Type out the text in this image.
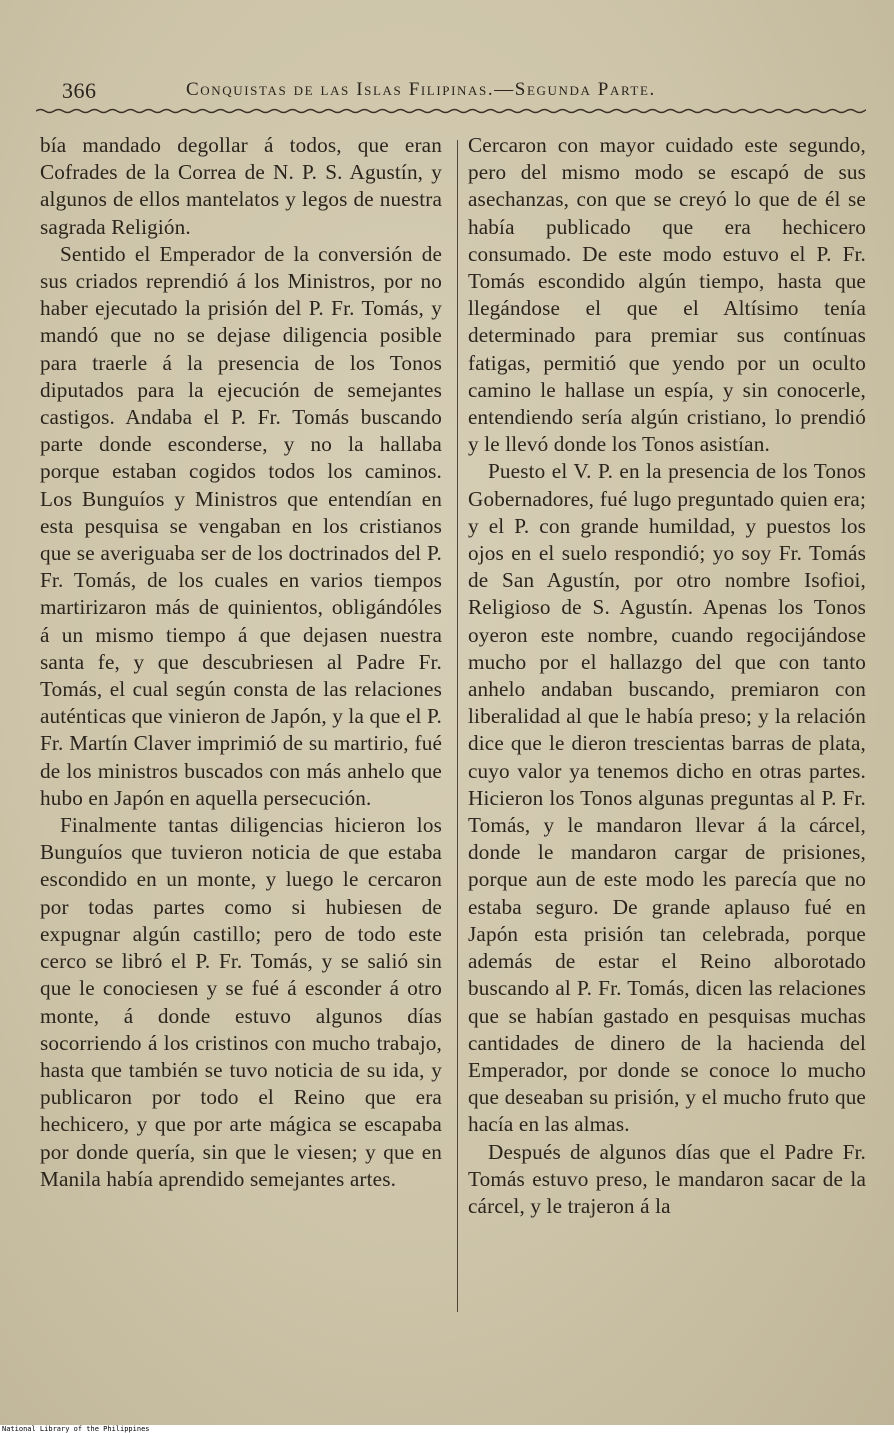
366	Conquistas de las Islas Filipinas.—Segunda Parte.

bía mandado degollar á todos, que eran Cofrades de la Correa de N. P. S. Agustín, y algunos de ellos mantelatos y legos de nuestra sagrada Religión.

Sentido el Emperador de la conversión de sus criados reprendió á los Ministros, por no haber ejecutado la prisión del P. Fr. Tomás, y mandó que no se dejase diligencia posible para traerle á la presencia de los Tonos diputados para la ejecución de semejantes castigos. Andaba el P. Fr. Tomás buscando parte donde esconderse, y no la hallaba porque estaban cogidos todos los caminos. Los Bunguíos y Ministros que entendían en esta pesquisa se vengaban en los cristianos que se averiguaba ser de los doctrinados del P. Fr. Tomás, de los cuales en varios tiempos martirizaron más de quinientos, obligándóles á un mismo tiempo á que dejasen nuestra santa fe, y que descubriesen al Padre Fr. Tomás, el cual según consta de las relaciones auténticas que vinieron de Japón, y la que el P. Fr. Martín Claver imprimió de su martirio, fué de los ministros buscados con más anhelo que hubo en Japón en aquella persecución.

Finalmente tantas diligencias hicieron los Bunguíos que tuvieron noticia de que estaba escondido en un monte, y luego le cercaron por todas partes como si hubiesen de expugnar algún castillo; pero de todo este cerco se libró el P. Fr. Tomás, y se salió sin que le conociesen y se fué á esconder á otro monte, á donde estuvo algunos días socorriendo á los cristinos con mucho trabajo, hasta que también se tuvo noticia de su ida, y publicaron por todo el Reino que era hechicero, y que por arte mágica se escapaba por donde quería, sin que le viesen; y que en Manila había aprendido semejantes artes.

Cercaron con mayor cuidado este segundo, pero del mismo modo se escapó de sus asechanzas, con que se creyó lo que de él se había publicado que era hechicero consumado. De este modo estuvo el P. Fr. Tomás escondido algún tiempo, hasta que llegándose el que el Altísimo tenía determinado para premiar sus contínuas fatigas, permitió que yendo por un oculto camino le hallase un espía, y sin conocerle, entendiendo sería algún cristiano, lo prendió y le llevó donde los Tonos asistían.

Puesto el V. P. en la presencia de los Tonos Gobernadores, fué lugo preguntado quien era; y el P. con grande humildad, y puestos los ojos en el suelo respondió; yo soy Fr. Tomás de San Agustín, por otro nombre Isofioi, Religioso de S. Agustín. Apenas los Tonos oyeron este nombre, cuando regocijándose mucho por el hallazgo del que con tanto anhelo andaban buscando, premiaron con liberalidad al que le había preso; y la relación dice que le dieron trescientas barras de plata, cuyo valor ya tenemos dicho en otras partes. Hicieron los Tonos algunas preguntas al P. Fr. Tomás, y le mandaron llevar á la cárcel, donde le mandaron cargar de prisiones, porque aun de este modo les parecía que no estaba seguro. De grande aplauso fué en Japón esta prisión tan celebrada, porque además de estar el Reino alborotado buscando al P. Fr. Tomás, dicen las relaciones que se habían gastado en pesquisas muchas cantidades de dinero de la hacienda del Emperador, por donde se conoce lo mucho que deseaban su prisión, y el mucho fruto que hacía en las almas.

Después de algunos días que el Padre Fr. Tomás estuvo preso, le mandaron sacar de la cárcel, y le trajeron á la

National Library of the Philippines
